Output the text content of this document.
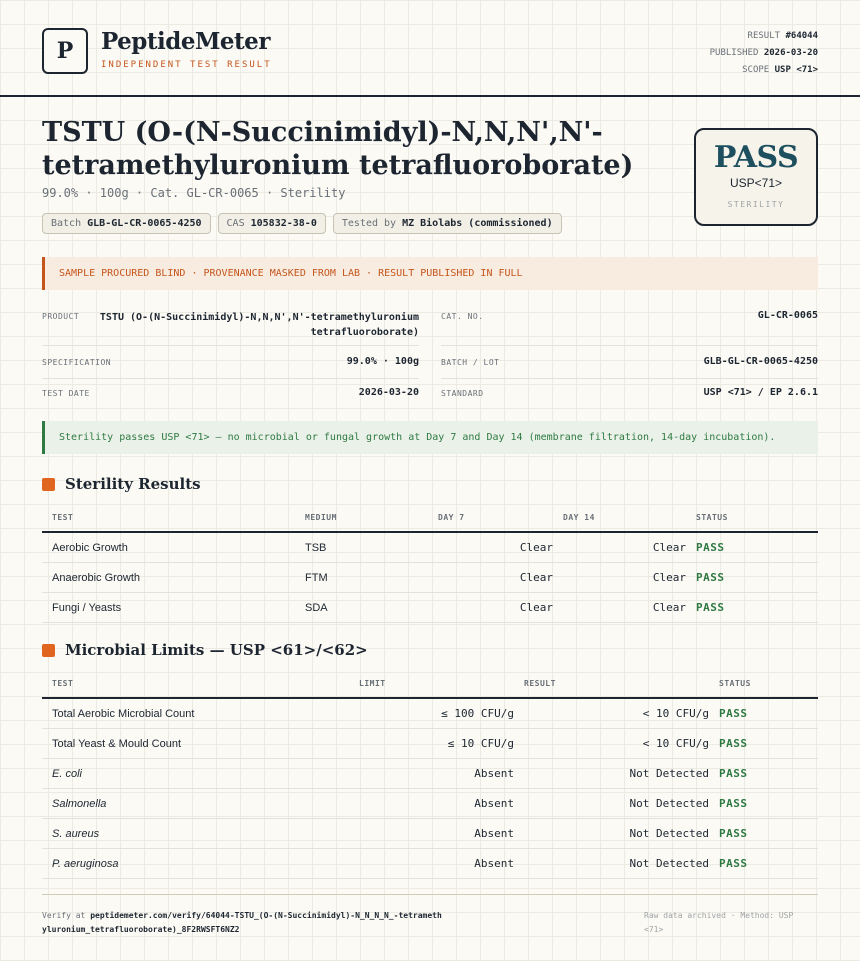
P	PeptideMeter
INDEPENDENT TEST RESULT
RESULT #64044
PUBLISHED 2026-03-20
SCOPE USP <71>
TSTU (O-(N-Succinimidyl)-N,N,N',N'-tetramethyluronium tetrafluoroborate)
99.0% · 100g · Cat. GL-CR-0065 · Sterility
Batch GLB-GL-CR-0065-4250	CAS 105832-38-0	Tested by MZ Biolabs (commissioned)
PASS
USP<71>
STERILITY
SAMPLE PROCURED BLIND · PROVENANCE MASKED FROM LAB · RESULT PUBLISHED IN FULL
PRODUCT TSTU (O-(N-Succinimidyl)-N,N,N',N'-tetramethyluronium tetrafluoroborate)
CAT. NO.	GL-CR-0065
SPECIFICATION	99.0% · 100g	BATCH / LOT	GLB-GL-CR-0065-4250
TEST DATE	2026-03-20	STANDARD	USP <71> / EP 2.6.1
Sterility passes USP <71> — no microbial or fungal growth at Day 7 and Day 14 (membrane filtration, 14-day incubation).
Sterility Results
TEST	MEDIUM	DAY 7	DAY 14	STATUS
Aerobic Growth	TSB	Clear	Clear	PASS
Anaerobic Growth	FTM	Clear	Clear	PASS
Fungi / Yeasts	SDA	Clear	Clear	PASS
Microbial Limits — USP <61>/<62>
TEST	LIMIT	RESULT	STATUS
Total Aerobic Microbial Count	≤ 100 CFU/g	< 10 CFU/g	PASS
Total Yeast & Mould Count	≤ 10 CFU/g	< 10 CFU/g	PASS
E. coli	Absent	Not Detected	PASS
Salmonella	Absent	Not Detected	PASS
S. aureus	Absent	Not Detected	PASS
P. aeruginosa	Absent	Not Detected	PASS
Verify at peptidemeter.com/verify/64044-TSTU_(O-(N-Succinimidyl)-N_N_N_N_-tetramethyluronium_tetrafluoroborate)_8F2RWSFT6NZ2
Raw data archived · Method: USP <71>
